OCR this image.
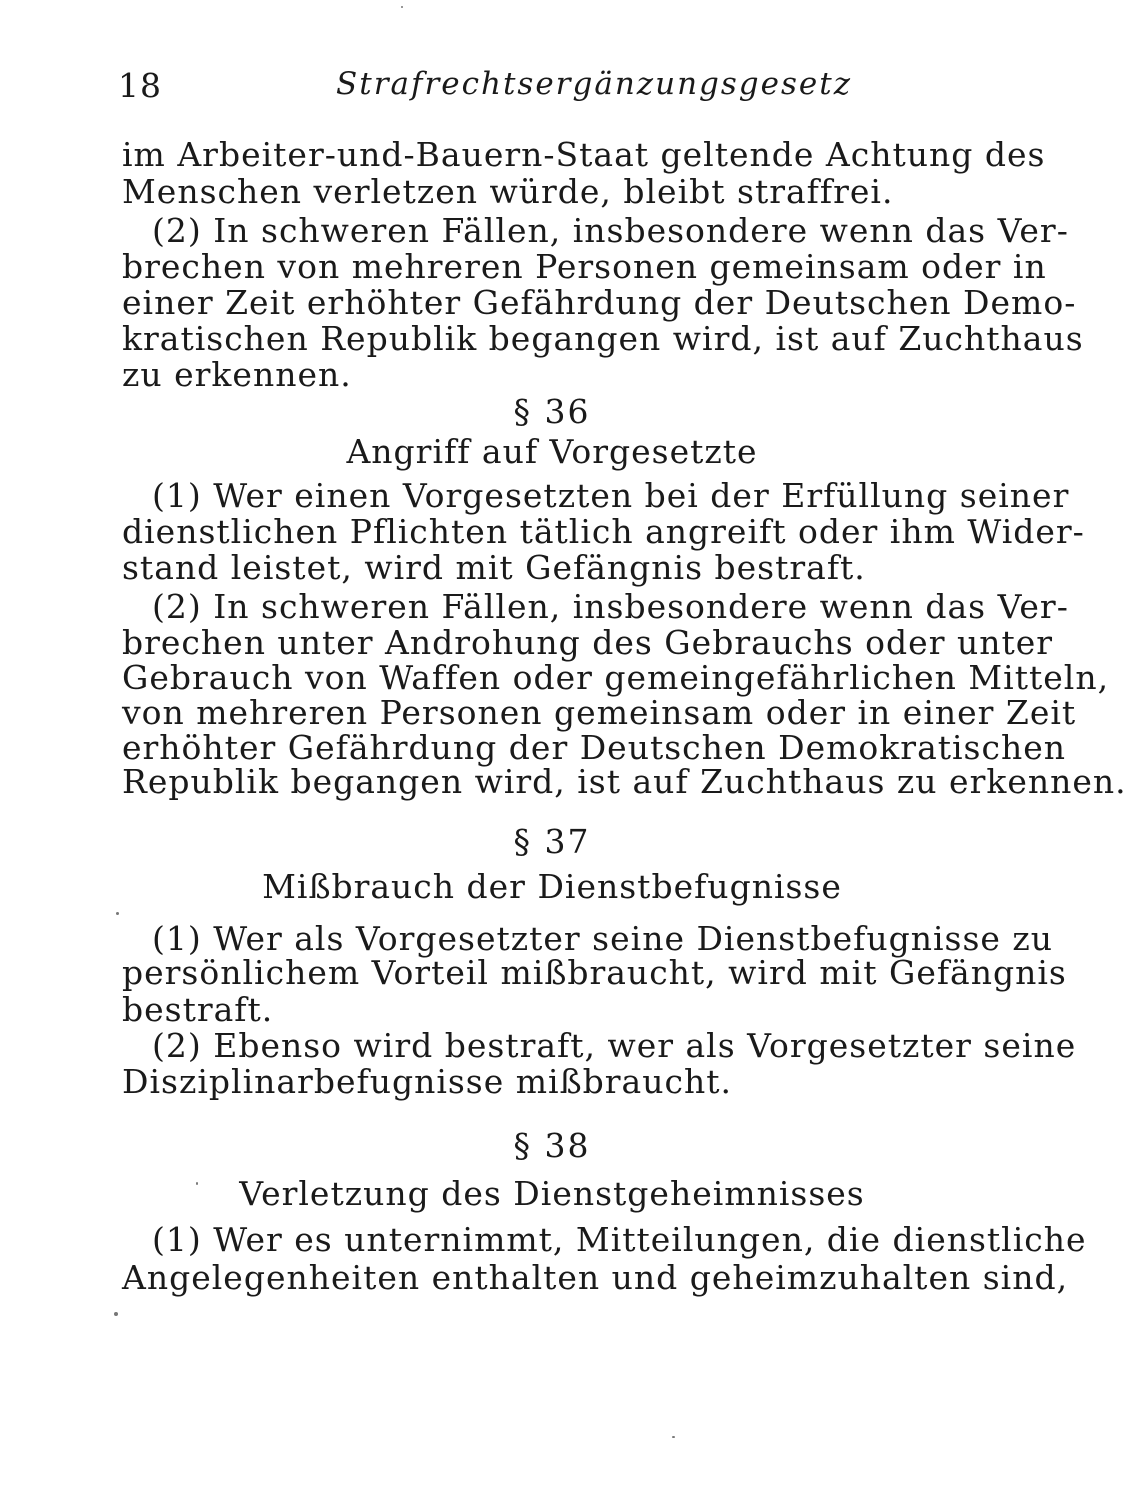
18	Strafrechtsergänzungsgesetz
im Arbeiter-und-Bauern-Staat geltende Achtung des
Menschen verletzen würde, bleibt straffrei.
(2) In schweren Fällen, insbesondere wenn das Ver-
brechen von mehreren Personen gemeinsam oder in
einer Zeit erhöhter Gefährdung der Deutschen Demo-
kratischen Republik begangen wird, ist auf Zuchthaus
zu erkennen.
§ 36
Angriff auf Vorgesetzte
(1) Wer einen Vorgesetzten bei der Erfüllung seiner
dienstlichen Pflichten tätlich angreift oder ihm Wider-
stand leistet, wird mit Gefängnis bestraft.
(2) In schweren Fällen, insbesondere wenn das Ver-
brechen unter Androhung des Gebrauchs oder unter
Gebrauch von Waffen oder gemeingefährlichen Mitteln,
von mehreren Personen gemeinsam oder in einer Zeit
erhöhter Gefährdung der Deutschen Demokratischen
Republik begangen wird, ist auf Zuchthaus zu erkennen.
§ 37
Mißbrauch der Dienstbefugnisse
(1) Wer als Vorgesetzter seine Dienstbefugnisse zu
persönlichem Vorteil mißbraucht, wird mit Gefängnis
bestraft.
(2) Ebenso wird bestraft, wer als Vorgesetzter seine
Disziplinarbefugnisse mißbraucht.
§ 38
Verletzung des Dienstgeheimnisses
(1) Wer es unternimmt, Mitteilungen, die dienstliche
Angelegenheiten enthalten und geheimzuhalten sind,
